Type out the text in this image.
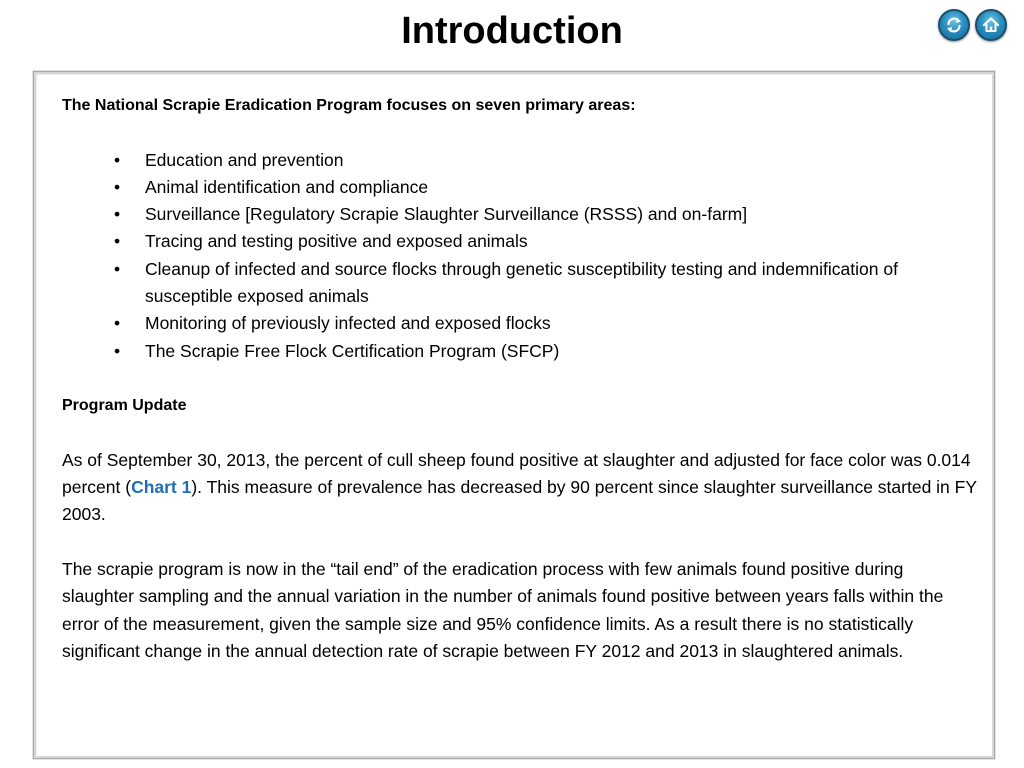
Introduction

The National Scrapie Eradication Program focuses on seven primary areas:

• Education and prevention
• Animal identification and compliance
• Surveillance [Regulatory Scrapie Slaughter Surveillance (RSSS) and on-farm]
• Tracing and testing positive and exposed animals
• Cleanup of infected and source flocks through genetic susceptibility testing and indemnification of susceptible exposed animals
• Monitoring of previously infected and exposed flocks
• The Scrapie Free Flock Certification Program (SFCP)

Program Update

As of September 30, 2013, the percent of cull sheep found positive at slaughter and adjusted for face color was 0.014 percent (Chart 1). This measure of prevalence has decreased by 90 percent since slaughter surveillance started in FY 2003.

The scrapie program is now in the “tail end” of the eradication process with few animals found positive during slaughter sampling and the annual variation in the number of animals found positive between years falls within the error of the measurement, given the sample size and 95% confidence limits. As a result there is no statistically significant change in the annual detection rate of scrapie between FY 2012 and 2013 in slaughtered animals.
